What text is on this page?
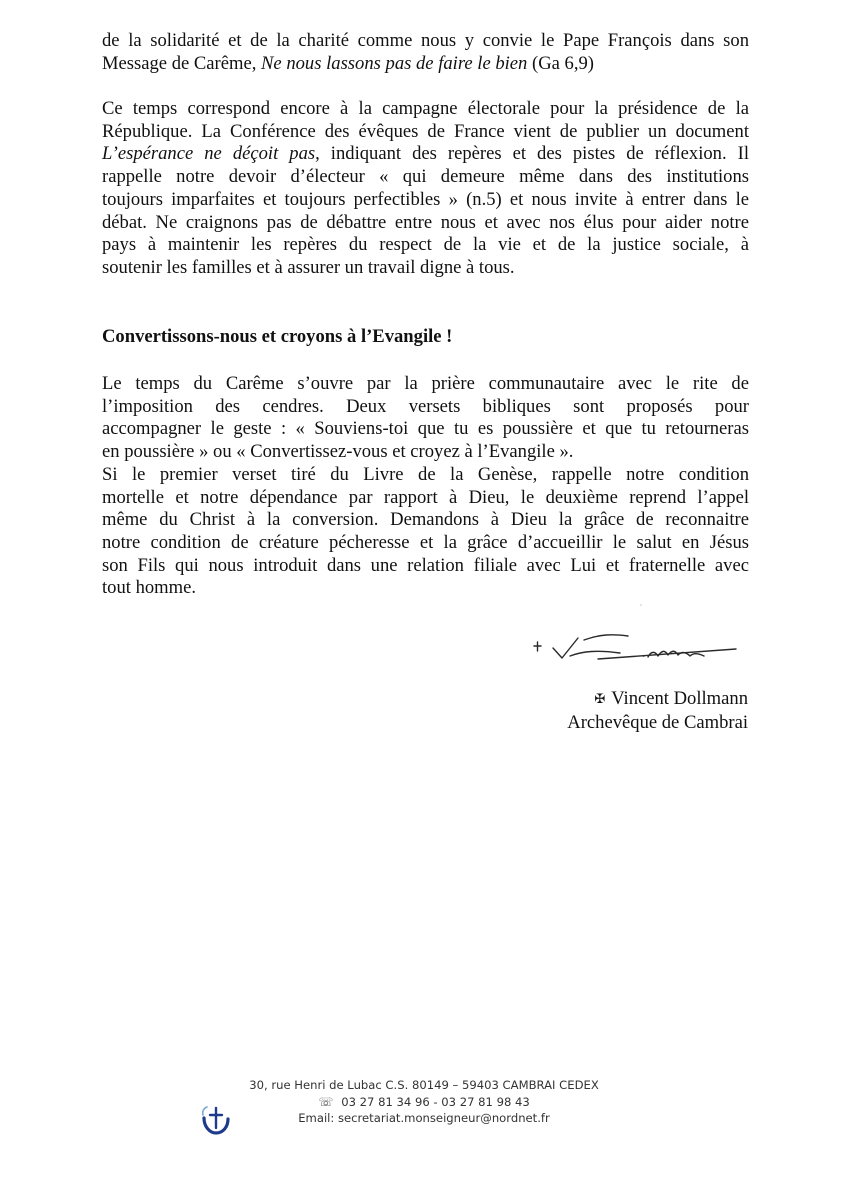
de la solidarité et de la charité comme nous y convie le Pape François dans son
Message de Carême, Ne nous lassons pas de faire le bien (Ga 6,9)
Ce temps correspond encore à la campagne électorale pour la présidence de la
République. La Conférence des évêques de France vient de publier un document
L’espérance ne déçoit pas, indiquant des repères et des pistes de réflexion. Il
rappelle notre devoir d’électeur « qui demeure même dans des institutions
toujours imparfaites et toujours perfectibles » (n.5) et nous invite à entrer dans le
débat. Ne craignons pas de débattre entre nous et avec nos élus pour aider notre
pays à maintenir les repères du respect de la vie et de la justice sociale, à
soutenir les familles et à assurer un travail digne à tous.
Convertissons-nous et croyons à l’Evangile !
Le temps du Carême s’ouvre par la prière communautaire avec le rite de
l’imposition des cendres. Deux versets bibliques sont proposés pour
accompagner le geste : « Souviens-toi que tu es poussière et que tu retourneras
en poussière » ou « Convertissez-vous et croyez à l’Evangile ».
Si le premier verset tiré du Livre de la Genèse, rappelle notre condition
mortelle et notre dépendance par rapport à Dieu, le deuxième reprend l’appel
même du Christ à la conversion. Demandons à Dieu la grâce de reconnaitre
notre condition de créature pécheresse et la grâce d’accueillir le salut en Jésus
son Fils qui nous introduit dans une relation filiale avec Lui et fraternelle avec
tout homme.
✠ Vincent Dollmann
Archevêque de Cambrai
30, rue Henri de Lubac C.S. 80149 – 59403 CAMBRAI CEDEX
☏ 03 27 81 34 96 - 03 27 81 98 43
Email: secretariat.monseigneur@nordnet.fr
